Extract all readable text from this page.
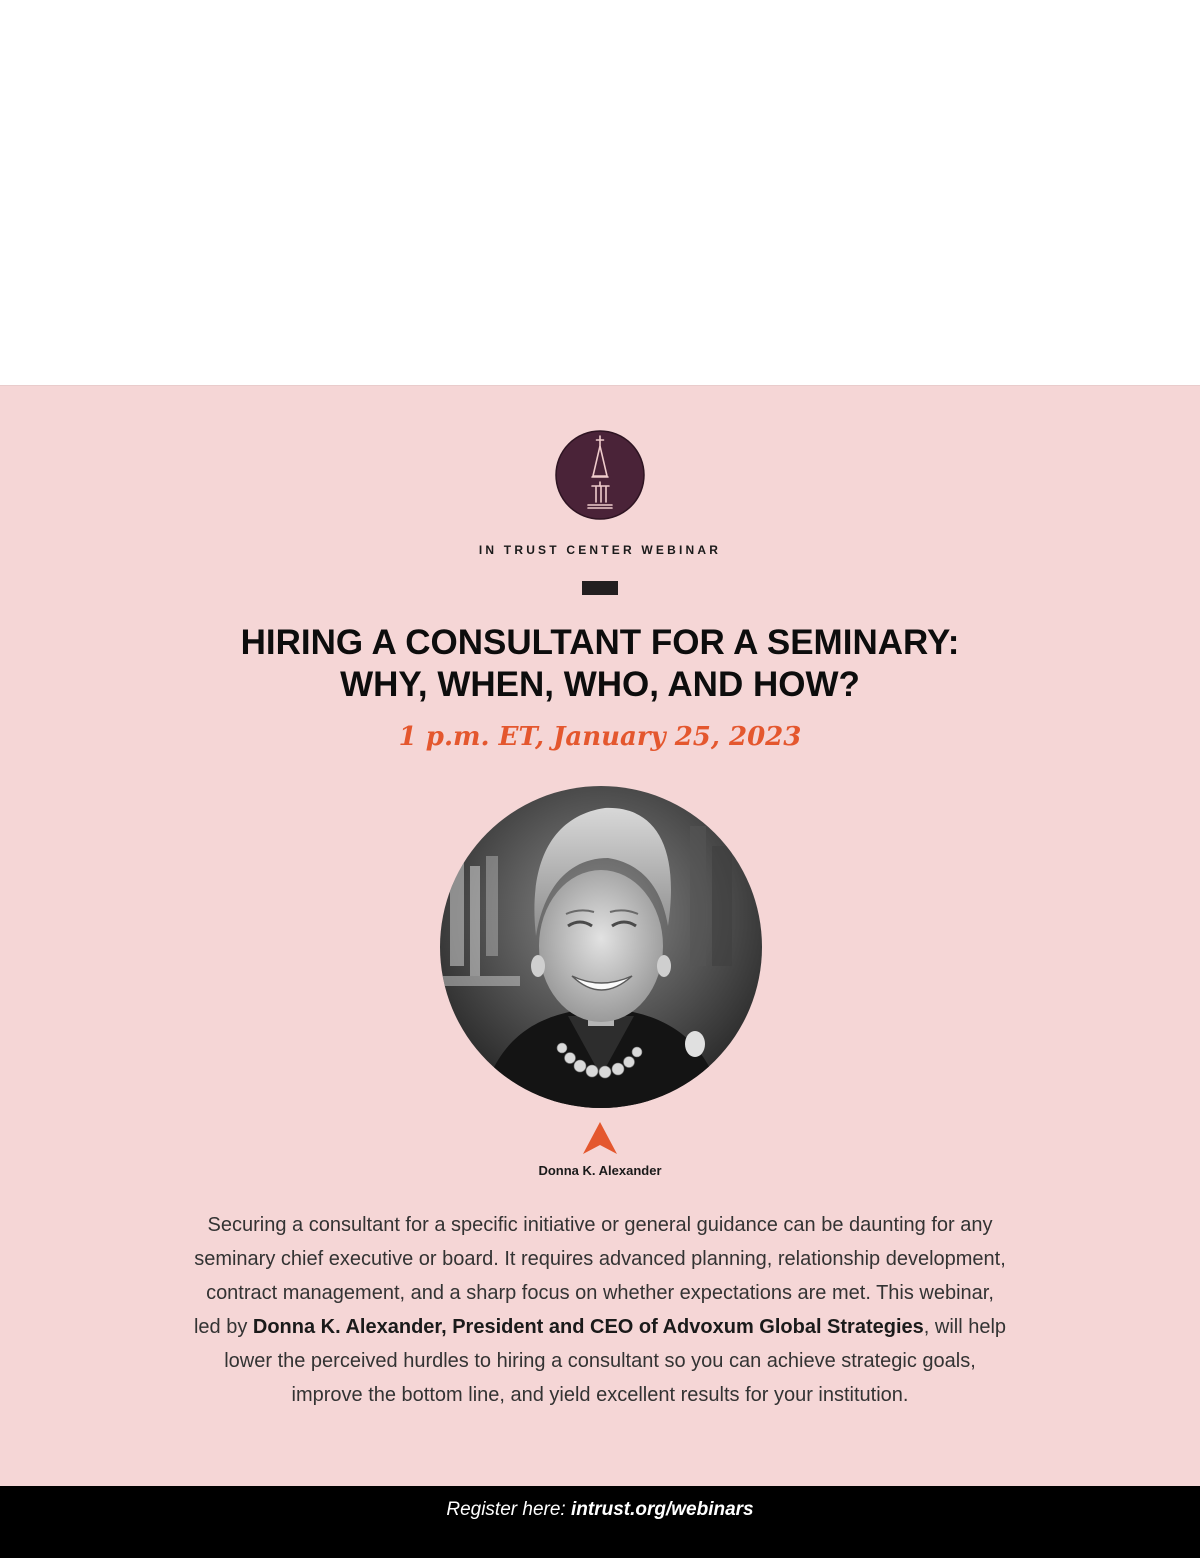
IN TRUST CENTER WEBINAR
HIRING A CONSULTANT FOR A SEMINARY:
WHY, WHEN, WHO, AND HOW?
1 p.m. ET, January 25, 2023
Donna K. Alexander

Securing a consultant for a specific initiative or general guidance can be daunting for any seminary chief executive or board. It requires advanced planning, relationship development, contract management, and a sharp focus on whether expectations are met. This webinar, led by Donna K. Alexander, President and CEO of Advoxum Global Strategies, will help lower the perceived hurdles to hiring a consultant so you can achieve strategic goals, improve the bottom line, and yield excellent results for your institution.

Register here: intrust.org/webinars
